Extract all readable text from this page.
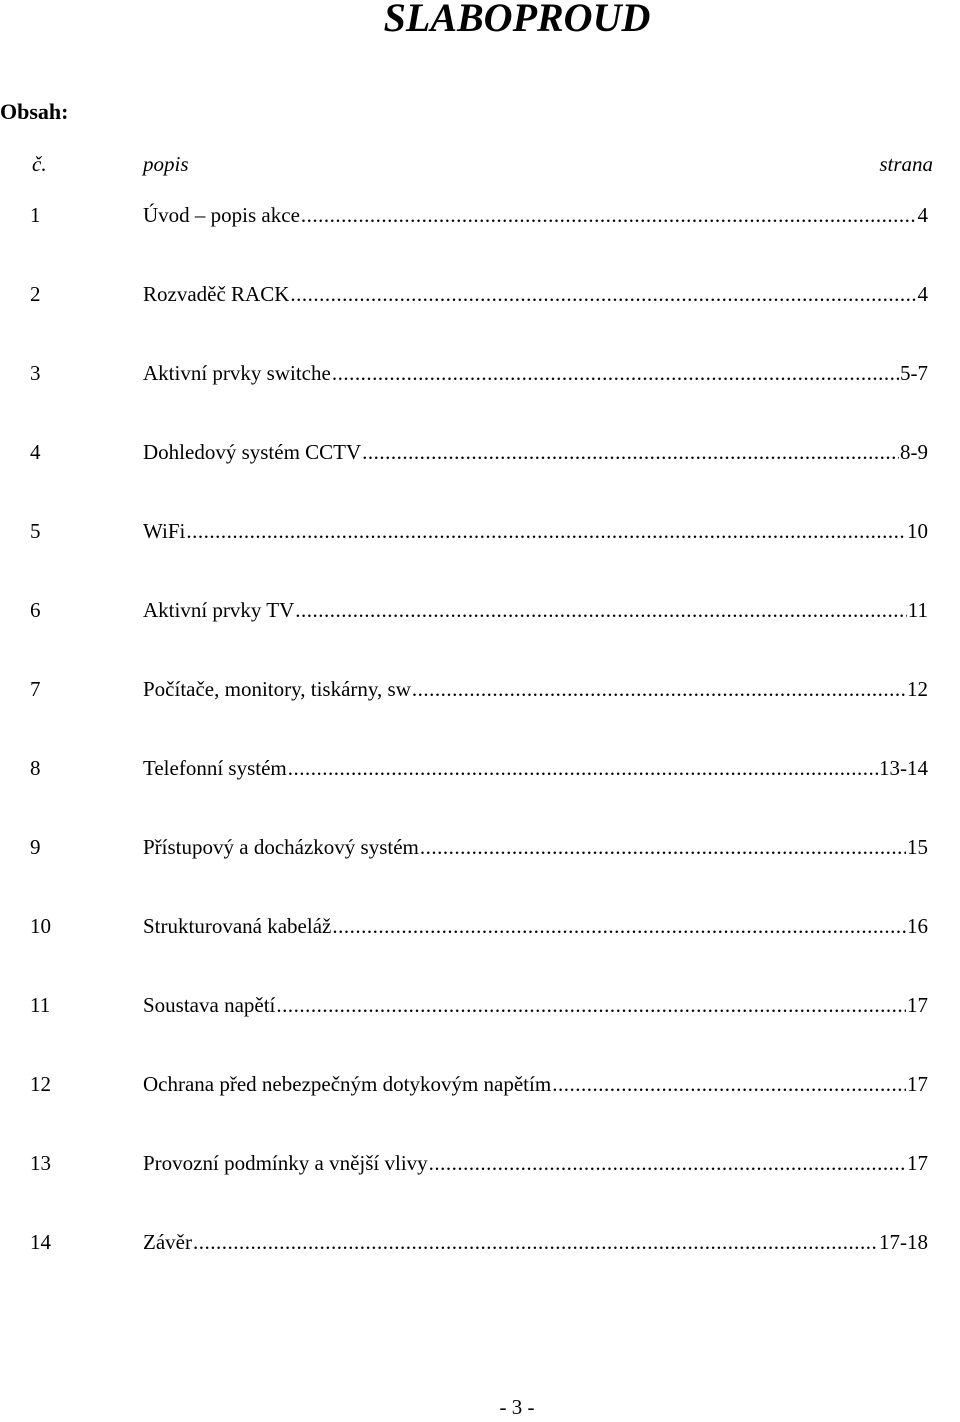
SLABOPROUD
Obsah:
č.	popis	strana
1	Úvod – popis akce .....	4
2	Rozvaděč RACK .....	4
3	Aktivní prvky switche .....	5-7
4	Dohledový systém CCTV .....	8-9
5	WiFi .....	10
6	Aktivní prvky TV .....	11
7	Počítače, monitory, tiskárny, sw .....	12
8	Telefonní systém .....	13-14
9	Přístupový a docházkový systém .....	15
10	Strukturovaná kabeláž .....	16
11	Soustava napětí .....	17
12	Ochrana před nebezpečným dotykovým napětím .....	17
13	Provozní podmínky a vnější vlivy .....	17
14	Závěr .....	17-18
- 3 -
